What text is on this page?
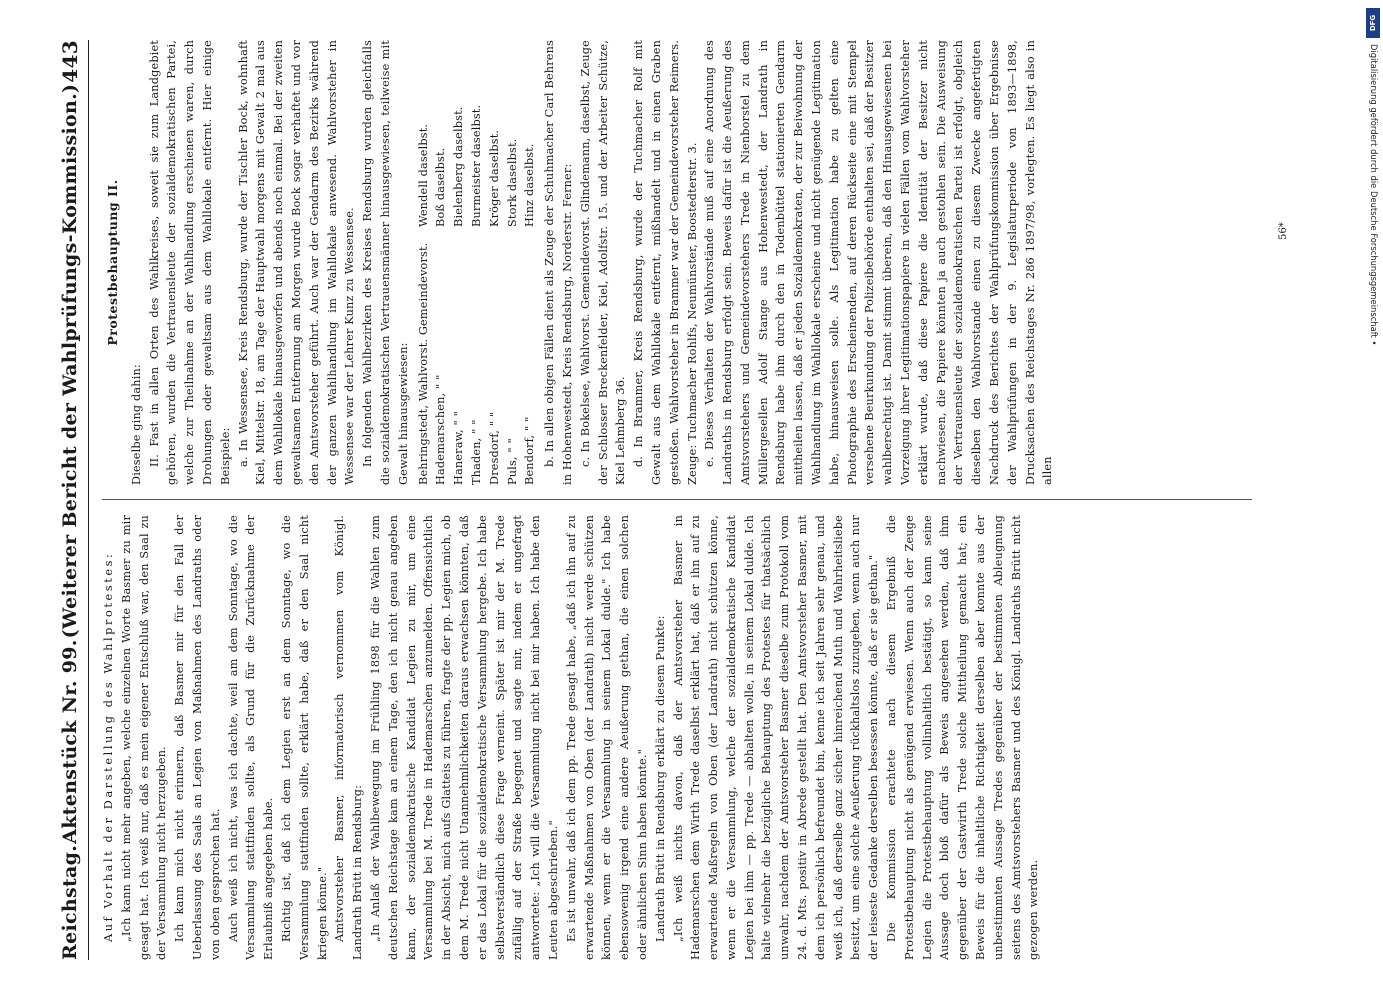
Reichstag.
Aktenstück Nr. 99.
(Weiterer Bericht der Wahlprüfungs-Kommission.)
443

Auf Vorhalt der Darstellung des Wahlprotestes: „Ich kann nicht mehr angeben, welche einzelnen Worte Basmer zu mir gesagt hat. Ich weiß nur, daß es mein eigener Entschluß war, den Saal zu der Versammlung nicht herzugeben. Ich kann mich nicht erinnern, daß Basmer mir für den Fall der Ueberlassung des Saals an Legien von Maßnahmen des Landraths oder von oben gesprochen hat. Auch weiß ich nicht, was ich dachte, weil am dem Sonntage, wo die Versammlung stattfinden sollte, als Grund für die Zurücknahme der Erlaubniß angegeben habe. Richtig ist, daß ich dem Legien erst an dem Sonntage, wo die Versammlung stattfinden sollte, erklärt habe, daß er den Saal nicht kriegen könne." Amtsvorsteher Basmer, informatorisch vernommen vom Königl. Landrath Brütt in Rendsburg: „In Anlaß der Wahlbewegung im Frühling 1898 für die Wahlen zum deutschen Reichstage kam an einem Tage, den ich nicht genau angeben kann, der sozialdemokratische Kandidat Legien zu mir, um eine Versammlung bei M. Trede in Hademarschen anzumelden. Offensichtlich in der Absicht, mich aufs Glatteis zu führen, fragte der pp. Legien mich, ob dem M. Trede nicht Unannehmlichkeiten daraus erwachsen könnten, daß er das Lokal für die sozialdemokratische Versammlung hergebe. Ich habe selbstverständlich diese Frage verneint. Später ist mir der M. Trede zufällig auf der Straße begegnet und sagte mir, indem er ungefragt antwortete: „Ich will die Versammlung nicht bei mir haben. Ich habe den Leuten abgeschrieben." Es ist unwahr, daß ich dem pp. Trede gesagt habe, „daß ich ihn auf zu erwartende Maßnahmen von Oben (der Landrath) nicht werde schützen können, wenn er die Versammlung in seinem Lokal dulde." Ich habe ebensowenig irgend eine andere Aeußerung gethan, die einen solchen oder ähnlichen Sinn haben könnte." Landrath Brütt in Rendsburg erklärt zu diesem Punkte: „Ich weiß nichts davon, daß der Amtsvorsteher Basmer in Hademarschen dem Wirth Trede daselbst erklärt hat, daß er ihn auf zu erwartende Maßregeln von Oben (der Landrath) nicht schützen könne, wenn er die Versammlung, welche der sozialdemokratische Kandidat Legien bei ihm — pp. Trede — abhalten wolle, in seinem Lokal dulde. Ich halte vielmehr die bezügliche Behauptung des Protestes für thatsächlich unwahr, nachdem der Amtsvorsteher Basmer dieselbe zum Protokoll vom 24. d. Mts. positiv in Abrede gestellt hat. Den Amtsvorsteher Basmer, mit dem ich persönlich befreundet bin, kenne ich seit Jahren sehr genau, und weiß ich, daß derselbe ganz sicher hinreichend Muth und Wahrheitsliebe besitzt, um eine solche Aeußerung rückhaltslos zuzugeben, wenn auch nur der leiseste Gedanke derselben besessen könnte, daß er sie gethan." Die Kommission erachtete nach diesem Ergebniß die Protestbehauptung nicht als genügend erwiesen. Wenn auch der Zeuge Legien die Protestbehauptung vollinhaltlich bestätigt, so kann seine Aussage doch bloß dafür als Beweis angesehen werden, daß ihm gegenüber der Gastwirth Trede solche Mittheilung gemacht hat; ein Beweis für die inhaltliche Richtigkeit derselben aber konnte aus der unbestimmten Aussage Tredes gegenüber der bestimmten Ableugnung seitens des Amtsvorstehers Basmer und des Königl. Landraths Brütt nicht gezogen werden.

Protestbehauptung II.

Dieselbe ging dahin: II. Fast in allen Orten des Wahlkreises, soweit sie zum Landgebiet gehören, wurden die Vertrauensleute der sozialdemokratischen Partei, welche zur Theilnahme an der Wahlhandlung erschienen waren, durch Drohungen oder gewaltsam aus dem Wahllokale entfernt. Hier einige Beispiele: a. In Wessensee, Kreis Rendsburg, wurde der Tischler Bock, wohnhaft Kiel, Mittelstr. 18, am Tage der Hauptwahl morgens mit Gewalt 2 mal aus dem Wahllokale hinausgeworfen und abends noch einmal. Bei der zweiten gewaltsamen Entfernung am Morgen wurde Bock sogar verhaftet und vor den Amtsvorsteher geführt. Auch war der Gendarm des Bezirks während der ganzen Wahlhandlung im Wahllokale anwesend. Wahlvorsteher in Wessensee war der Lehrer Kunz zu Wessensee. In folgenden Wahlbezirken des Kreises Rendsburg wurden gleichfalls die sozialdemokratischen Vertrauensmänner hinausgewiesen, teilweise mit Gewalt hinausgewiesen: Behringstedt, Wahlvorst. Gemeindevorst.
Wendell daselbst.
Hademarschen, " "
Boß daselbst.
Haneraw, " "
Bielenberg daselbst.
Thaden, " "
Burmeister daselbst.
Dresdorf, " "
Kröger daselbst.
Puls, " "
Stork daselbst.
Bendorf, " "
Hinz daselbst. b. In allen obigen Fällen dient als Zeuge der Schuhmacher Carl Behrens in Hohenwestedt, Kreis Rendsburg, Norderstr. Ferner: c. In Bokelsee, Wahlvorst. Gemeindevorst. Glindemann, daselbst, Zeuge der Schlosser Breckenfelder, Kiel, Adolfstr. 15. und der Arbeiter Schütze, Kiel Lehmberg 36. d. In Brammer, Kreis Rendsburg, wurde der Tuchmacher Rolf mit Gewalt aus dem Wahllokale entfernt, mißhandelt und in einen Graben gestoßen. Wahlvorsteher in Brammer war der Gemeindevorsteher Reimers. Zeuge: Tuchmacher Rohlfs, Neumünster, Boostedterstr. 3. e. Dieses Verhalten der Wahlvorstände muß auf eine Anordnung des Landraths in Rendsburg erfolgt sein. Beweis dafür ist die Aeußerung des Amtsvorstehers und Gemeindevorstehers Trede in Nienborstel zu dem Müllergesellen Adolf Stange aus Hohenwestedt, der Landrath in Rendsburg habe ihm durch den in Todenbüttel stationierten Gendarm mittheilen lassen, daß er jeden Sozialdemokraten, der zur Beiwohnung der Wahlhandlung im Wahllokale erscheine und nicht genügende Legitimation habe, hinausweisen solle. Als Legitimation habe zu gelten eine Photographie des Erscheinenden, auf deren Rückseite eine mit Stempel versehene Beurkundung der Polizeibehörde enthalten sei, daß der Besitzer wahlberechtigt ist. Damit stimmt überein, daß den Hinausgewiesenen bei Vorzeigung ihrer Legitimationspapiere in vielen Fällen vom Wahlvorsteher erklärt wurde, daß diese Papiere die Identität der Besitzer nicht nachwiesen, die Papiere könnten ja auch gestohlen sein. Die Ausweisung der Vertrauensleute der sozialdemokratischen Partei ist erfolgt, obgleich dieselben den Wahlvorstande einen zu diesem Zwecke angefertigten Nachdruck des Berichtes der Wahlprüfungskommission über Ergebnisse der Wahlprüfungen in der 9. Legislaturperiode von 1893—1898, Drucksachen des Reichstages Nr. 286 1897/98, vorlegten. Es liegt also in allen

56*
DFG
Digitalisierung gefördert durch die Deutsche Forschungsgemeinschaft •
